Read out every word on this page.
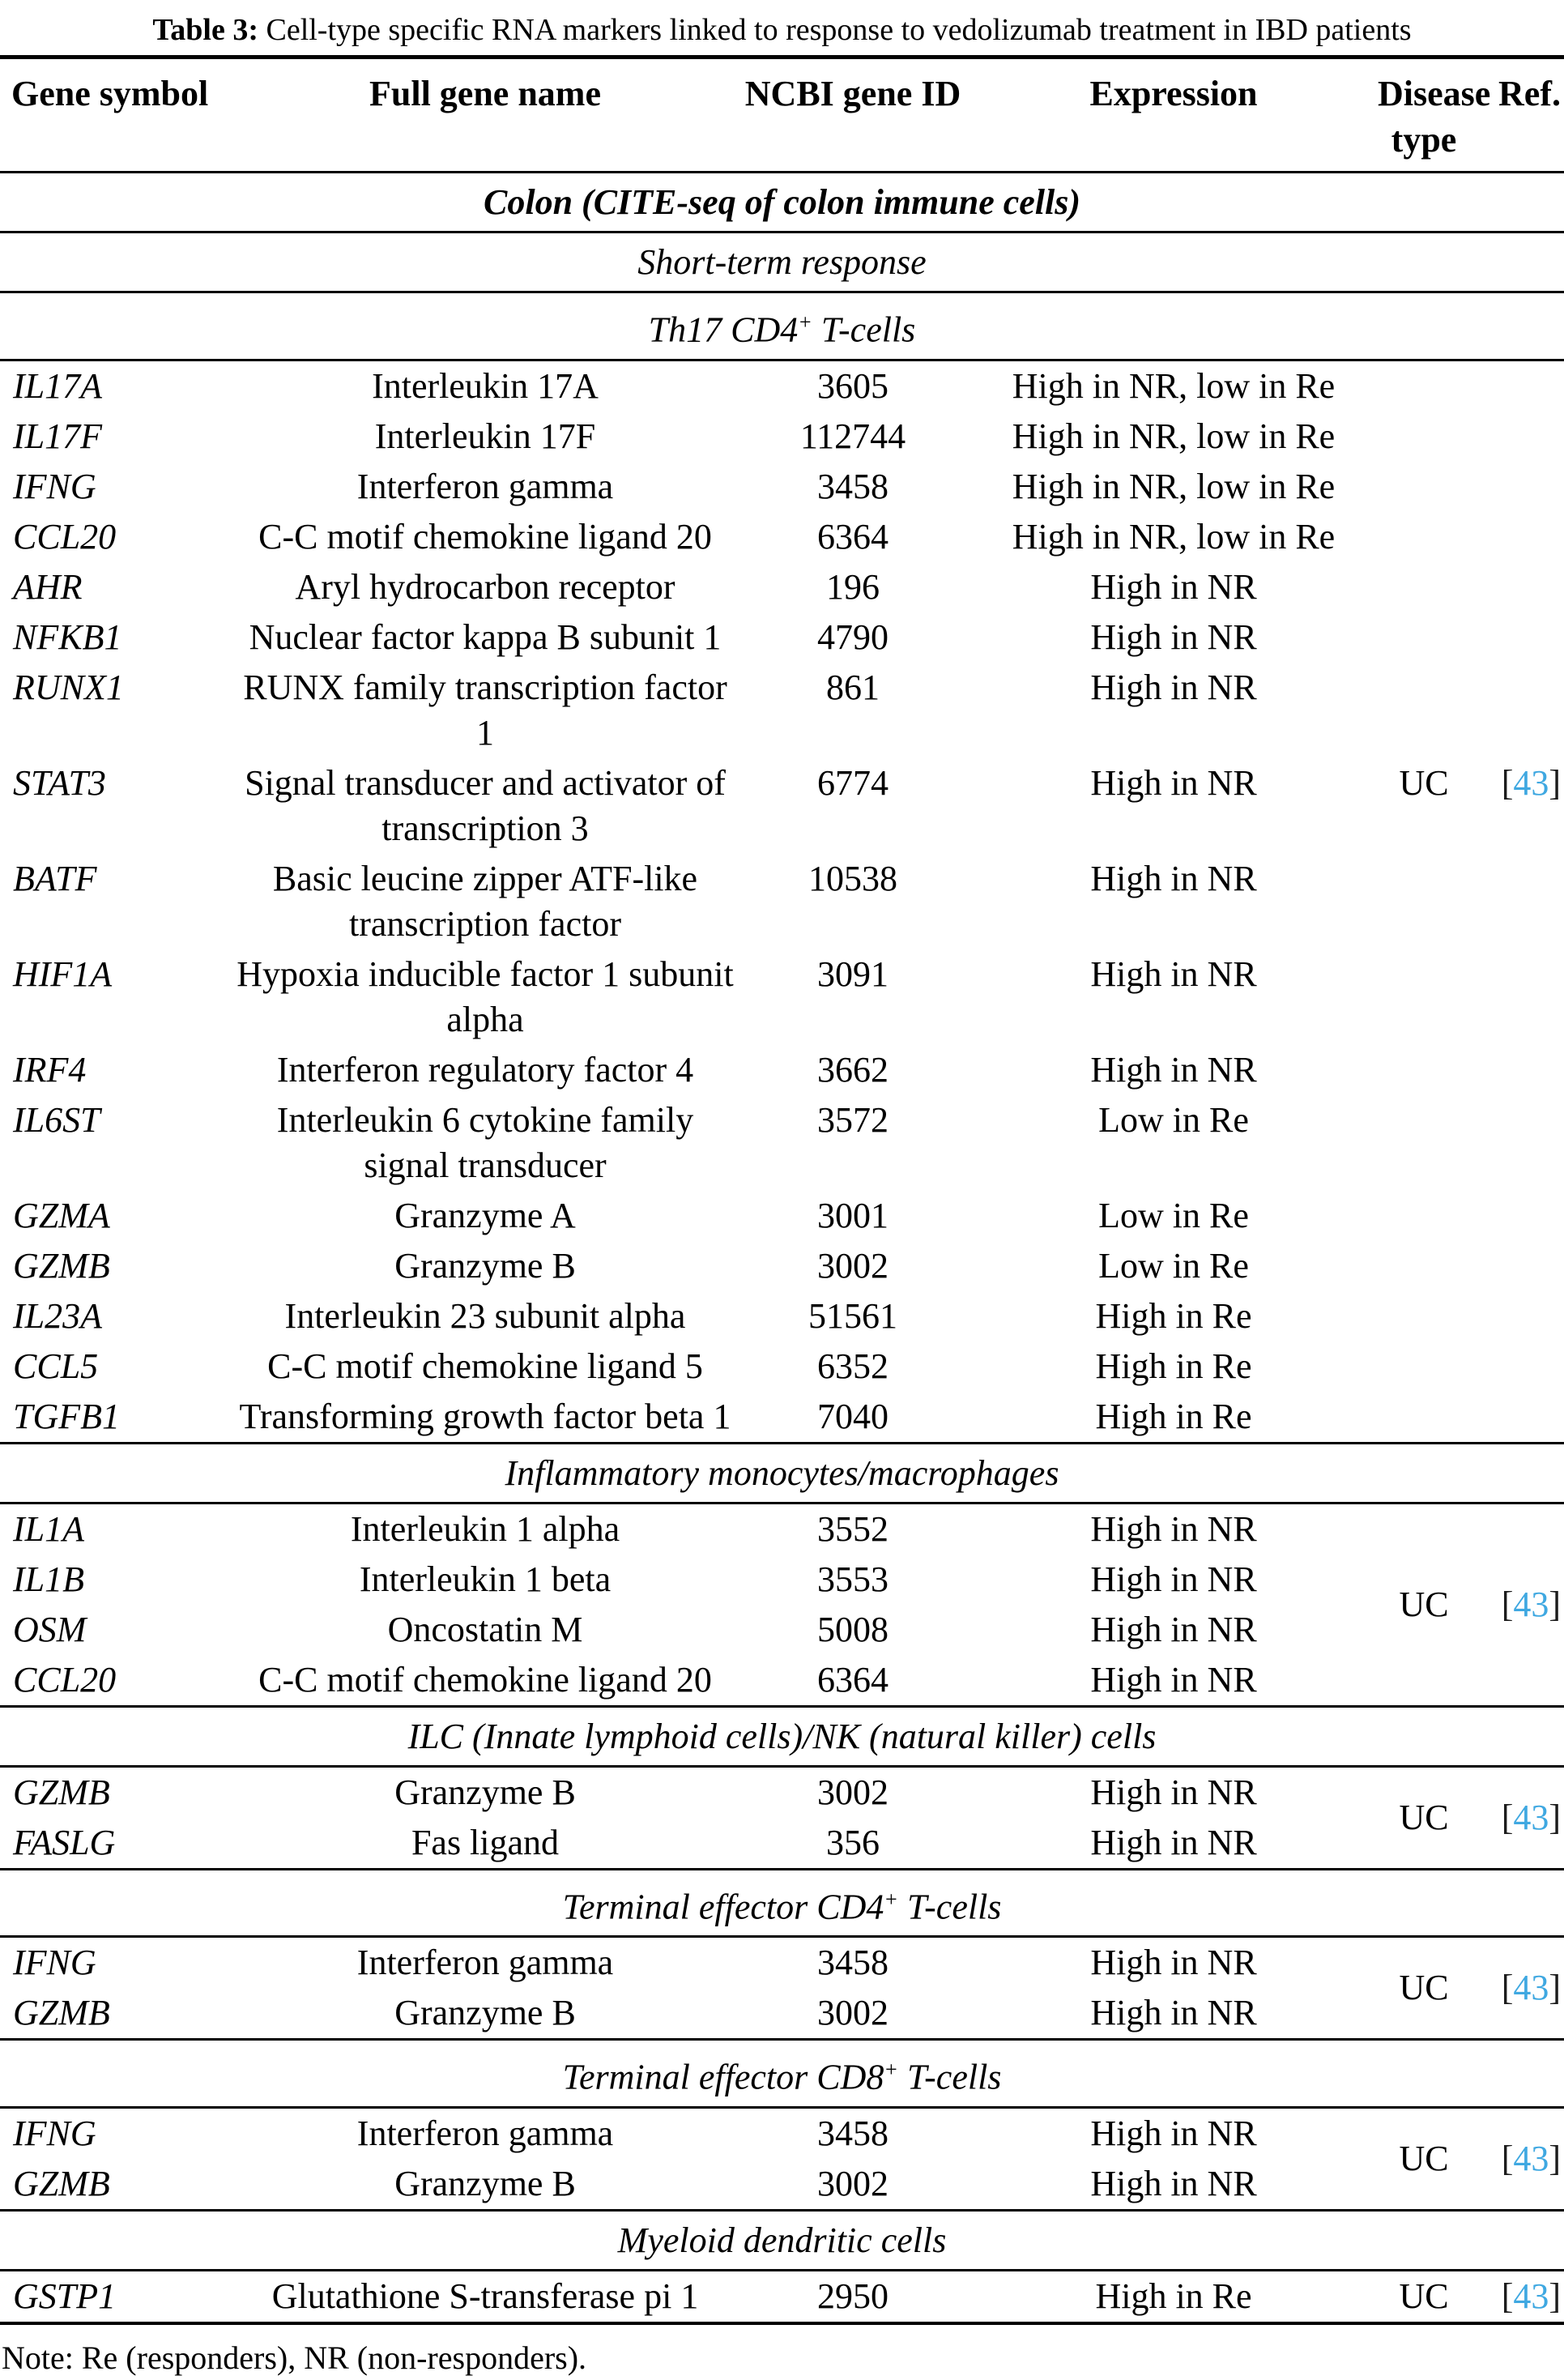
Table 3: Cell-type specific RNA markers linked to response to vedolizumab treatment in IBD patients
Gene symbol	Full gene name	NCBI gene ID	Expression	Disease type	Ref.
Colon (CITE-seq of colon immune cells)					
Short-term response					
Th17 CD4+ T-cells					
IL17A	Interleukin 17A	3605	High in NR, low in Re		
IL17F	Interleukin 17F	112744	High in NR, low in Re		
IFNG	Interferon gamma	3458	High in NR, low in Re		
CCL20	C-C motif chemokine ligand 20	6364	High in NR, low in Re		
AHR	Aryl hydrocarbon receptor	196	High in NR		
NFKB1	Nuclear factor kappa B subunit 1	4790	High in NR		
RUNX1	RUNX family transcription factor 1	861	High in NR		
STAT3	Signal transducer and activator of transcription 3	6774	High in NR	UC	[43]
BATF	Basic leucine zipper ATF-like transcription factor	10538	High in NR		
HIF1A	Hypoxia inducible factor 1 subunit alpha	3091	High in NR		
IRF4	Interferon regulatory factor 4	3662	High in NR		
IL6ST	Interleukin 6 cytokine family signal transducer	3572	Low in Re		
GZMA	Granzyme A	3001	Low in Re		
GZMB	Granzyme B	3002	Low in Re		
IL23A	Interleukin 23 subunit alpha	51561	High in Re		
CCL5	C-C motif chemokine ligand 5	6352	High in Re		
TGFB1	Transforming growth factor beta 1	7040	High in Re		
Inflammatory monocytes/macrophages					
IL1A	Interleukin 1 alpha	3552	High in NR	UC	[43]
IL1B	Interleukin 1 beta	3553	High in NR		
OSM	Oncostatin M	5008	High in NR		
CCL20	C-C motif chemokine ligand 20	6364	High in NR		
ILC (Innate lymphoid cells)/NK (natural killer) cells					
GZMB	Granzyme B	3002	High in NR	UC	[43]
FASLG	Fas ligand	356	High in NR		
Terminal effector CD4+ T-cells					
IFNG	Interferon gamma	3458	High in NR	UC	[43]
GZMB	Granzyme B	3002	High in NR		
Terminal effector CD8+ T-cells					
IFNG	Interferon gamma	3458	High in NR	UC	[43]
GZMB	Granzyme B	3002	High in NR		
Myeloid dendritic cells					
GSTP1	Glutathione S-transferase pi 1	2950	High in Re	UC	[43]
Note: Re (responders), NR (non-responders).
